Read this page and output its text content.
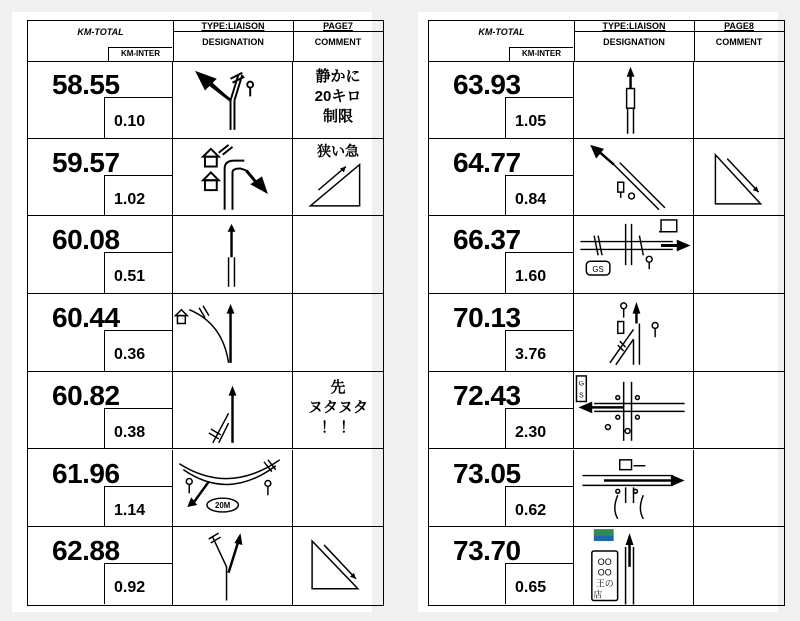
KM-TOTAL
KM-INTER
TYPE:LIAISON
DESIGNATION
PAGE7
COMMENT
58.55
0.10
静かに
20キロ
制限
59.57
1.02
狭い急
60.08
0.51
60.44
0.36
60.82
0.38
先
ヌタヌタ
！ ！
61.96
1.14	20M
62.88
0.92
KM-TOTAL
KM-INTER
TYPE:LIAISON
DESIGNATION
PAGE8
COMMENT
63.93
1.05
64.77
0.84
66.37
1.60	GS
70.13
3.76
72.43
2.30
G
S
73.05
0.62
73.70
0.65
OO
OO
王の
店
